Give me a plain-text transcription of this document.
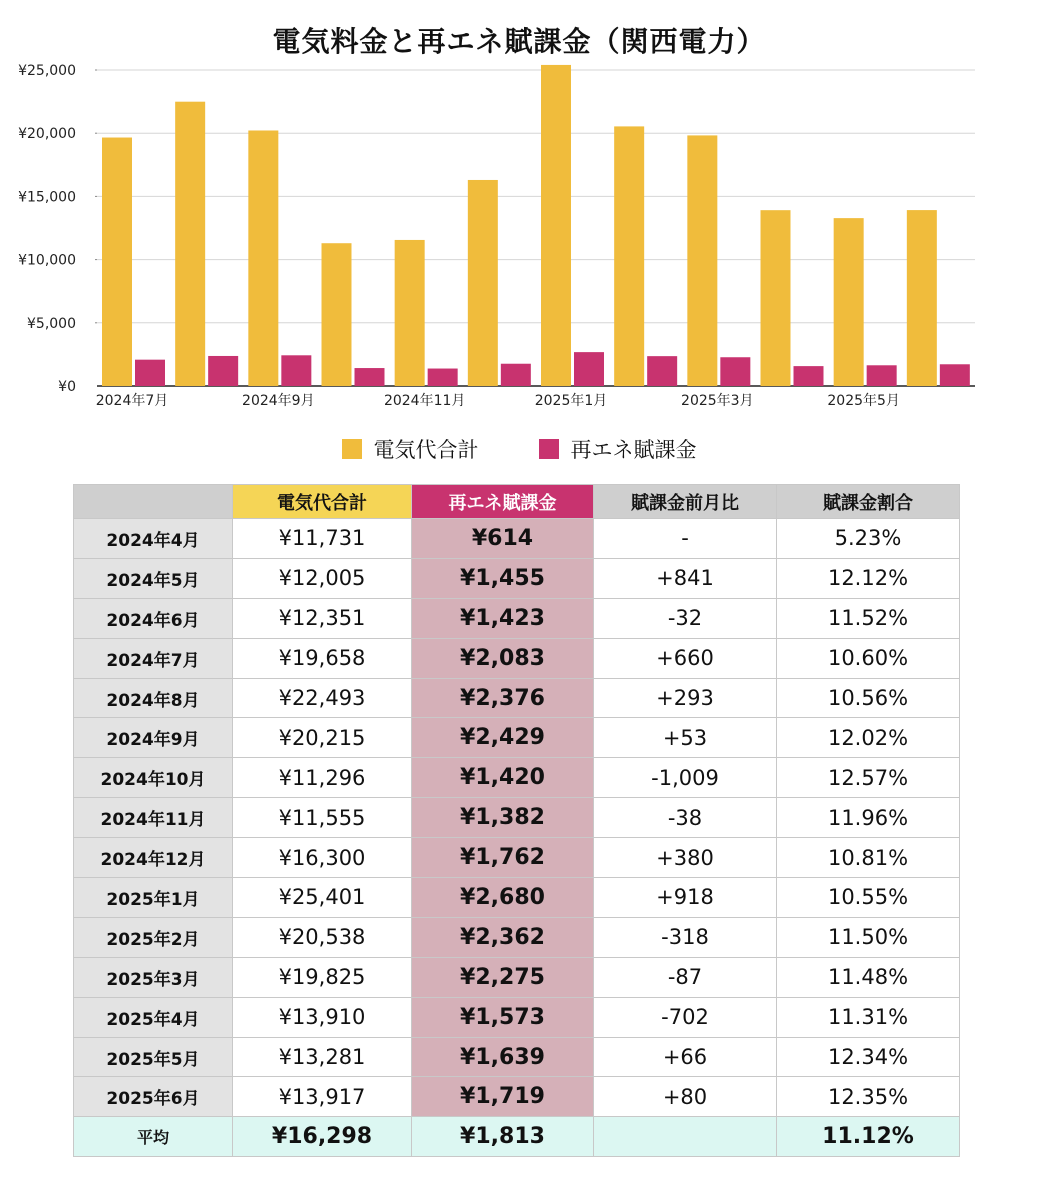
電気料金と再エネ賦課金（関西電力）
¥0
¥5,000
¥10,000
¥15,000
¥20,000
¥25,000
2024年7月	2024年9月	2024年11月	2025年1月	2025年3月	2025年5月
電気代合計	再エネ賦課金
	電気代合計	再エネ賦課金	賦課金前月比	賦課金割合
2024年4月	¥11,731	¥614	-	5.23%
2024年5月	¥12,005	¥1,455	+841	12.12%
2024年6月	¥12,351	¥1,423	-32	11.52%
2024年7月	¥19,658	¥2,083	+660	10.60%
2024年8月	¥22,493	¥2,376	+293	10.56%
2024年9月	¥20,215	¥2,429	+53	12.02%
2024年10月	¥11,296	¥1,420	-1,009	12.57%
2024年11月	¥11,555	¥1,382	-38	11.96%
2024年12月	¥16,300	¥1,762	+380	10.81%
2025年1月	¥25,401	¥2,680	+918	10.55%
2025年2月	¥20,538	¥2,362	-318	11.50%
2025年3月	¥19,825	¥2,275	-87	11.48%
2025年4月	¥13,910	¥1,573	-702	11.31%
2025年5月	¥13,281	¥1,639	+66	12.34%
2025年6月	¥13,917	¥1,719	+80	12.35%
平均	¥16,298	¥1,813		11.12%
